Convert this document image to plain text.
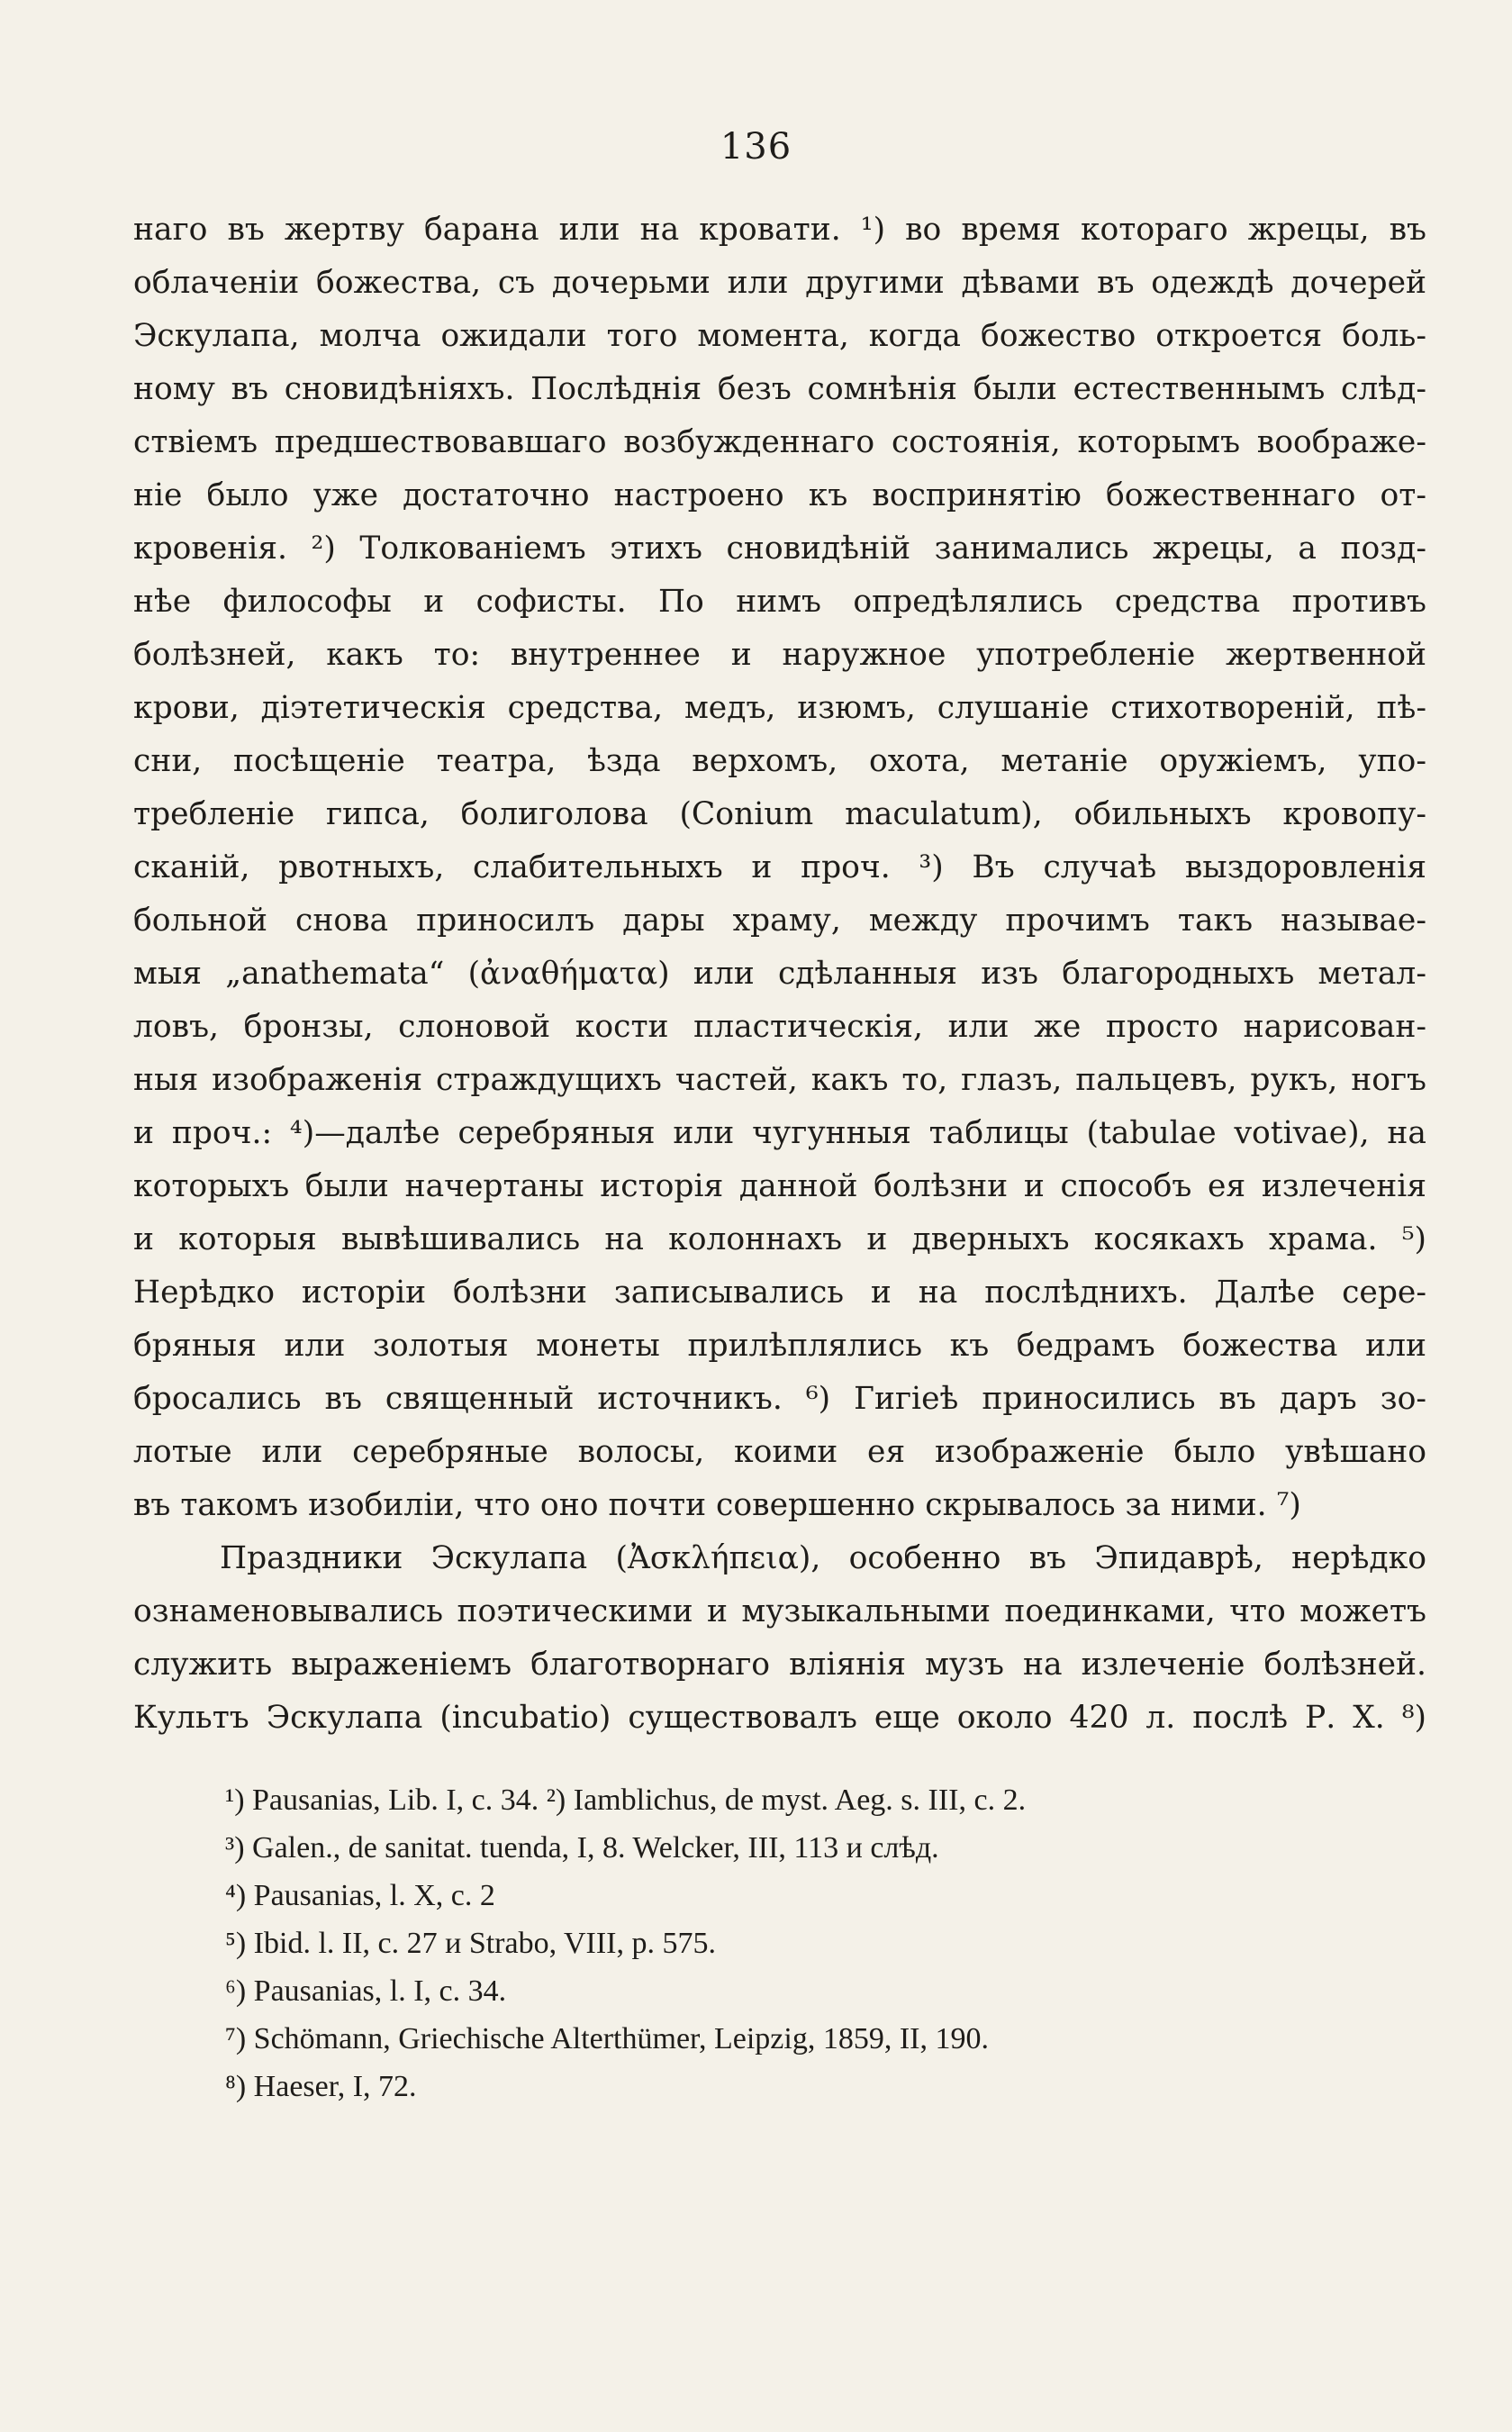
136
наго въ жертву барана или на кровати. ¹) во время котораго жрецы, въ
облаченіи божества, съ дочерьми или другими дѣвами въ одеждѣ дочерей
Эскулапа, молча ожидали того момента, когда божество откроется боль-
ному въ сновидѣніяхъ. Послѣднія безъ сомнѣнія были естественнымъ слѣд-
ствіемъ предшествовавшаго возбужденнаго состоянія, которымъ воображе-
ніе было уже достаточно настроено къ воспринятію божественнаго от-
кровенія. ²) Толкованіемъ этихъ сновидѣній занимались жрецы, а позд-
нѣе философы и софисты. По нимъ опредѣлялись средства противъ
болѣзней, какъ то: внутреннее и наружное употребленіе жертвенной
крови, діэтетическія средства, медъ, изюмъ, слушаніе стихотвореній, пѣ-
сни, посѣщеніе театра, ѣзда верхомъ, охота, метаніе оружіемъ, упо-
требленіе гипса, болиголова (Conium maculatum), обильныхъ кровопу-
сканій, рвотныхъ, слабительныхъ и проч. ³) Въ случаѣ выздоровленія
больной снова приносилъ дары храму, между прочимъ такъ называе-
мыя „anathemata“ (ἀναθήματα) или сдѣланныя изъ благородныхъ метал-
ловъ, бронзы, слоновой кости пластическія, или же просто нарисован-
ныя изображенія страждущихъ частей, какъ то, глазъ, пальцевъ, рукъ, ногъ
и проч.: ⁴)—далѣе серебряныя или чугунныя таблицы (tabulae votivae), на
которыхъ были начертаны исторія данной болѣзни и способъ ея излеченія
и которыя вывѣшивались на колоннахъ и дверныхъ косякахъ храма. ⁵)
Нерѣдко исторіи болѣзни записывались и на послѣднихъ. Далѣе сере-
бряныя или золотыя монеты прилѣплялись къ бедрамъ божества или
бросались въ священный источникъ. ⁶) Гигіеѣ приносились въ даръ зо-
лотые или серебряные волосы, коими ея изображеніе было увѣшано
въ такомъ изобиліи, что оно почти совершенно скрывалось за ними. ⁷)
Праздники Эскулапа (Ἀσκλήπεια), особенно въ Эпидаврѣ, нерѣдко
ознаменовывались поэтическими и музыкальными поединками, что можетъ
служить выраженіемъ благотворнаго вліянія музъ на излеченіе болѣзней.
Культъ Эскулапа (incubatio) существовалъ еще около 420 л. послѣ Р. Х. ⁸)
¹) Pausanias, Lib. I, c. 34. ²) Iamblichus, de myst. Aeg. s. III, c. 2.
³) Galen., de sanitat. tuenda, I, 8. Welcker, III, 113 и слѣд.
⁴) Pausanias, l. X, c. 2
⁵) Ibid. l. II, c. 27 и Strabo, VIII, p. 575.
⁶) Pausanias, l. I, c. 34.
⁷) Schömann, Griechische Alterthümer, Leipzig, 1859, II, 190.
⁸) Haeser, I, 72.
